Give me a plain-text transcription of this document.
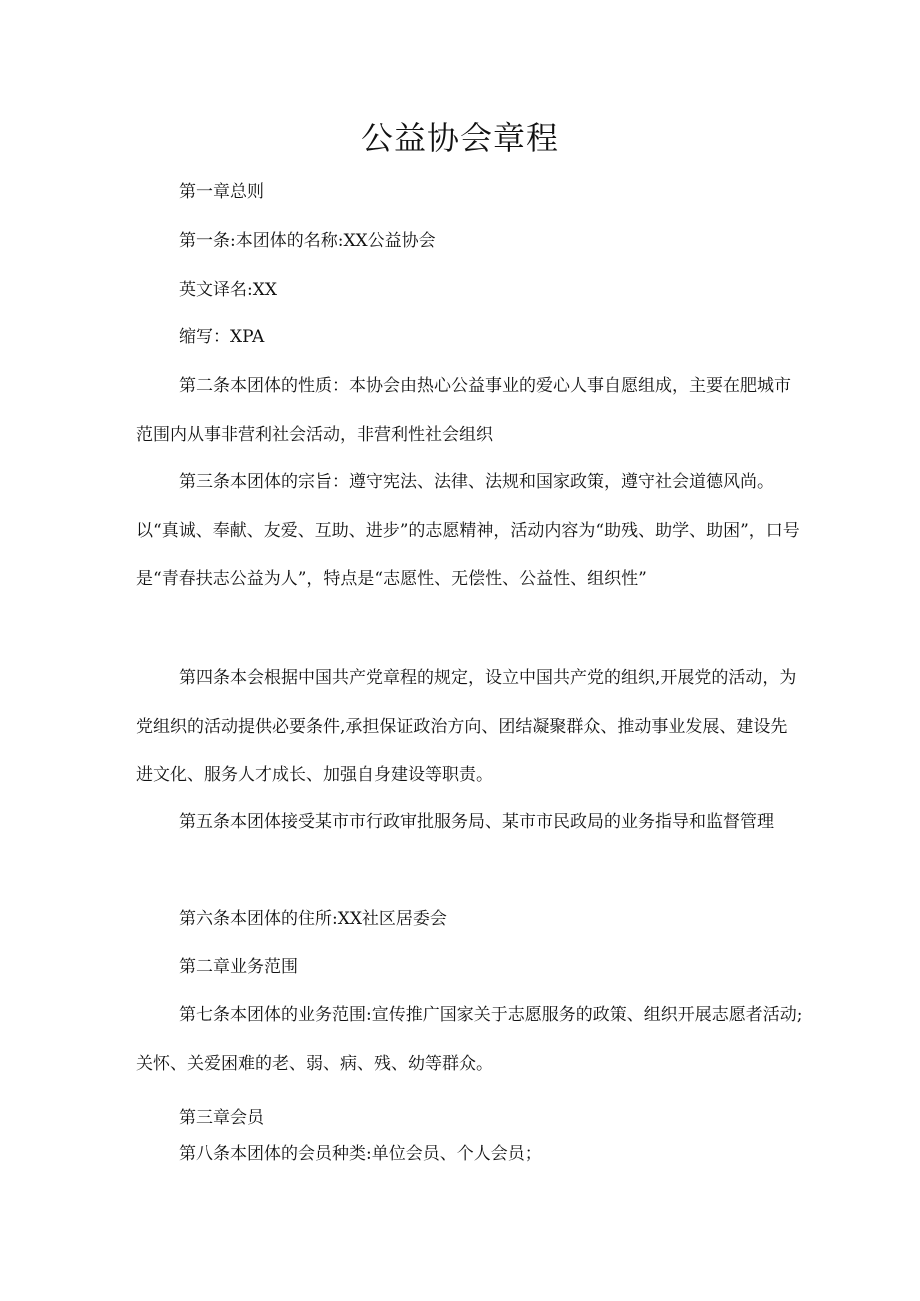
公益协会章程

第一章总则

第一条:本团体的名称:XX公益协会

英文译名:XX

缩写：XPA

第二条本团体的性质：本协会由热心公益事业的爱心人事自愿组成，主要在肥城市范围内从事非营利社会活动，非营利性社会组织

第三条本团体的宗旨：遵守宪法、法律、法规和国家政策，遵守社会道德风尚。以“真诚、奉献、友爱、互助、进步”的志愿精神，活动内容为“助残、助学、助困”，口号是“青春扶志公益为人”，特点是“志愿性、无偿性、公益性、组织性”

第四条本会根据中国共产党章程的规定，设立中国共产党的组织,开展党的活动，为党组织的活动提供必要条件,承担保证政治方向、团结凝聚群众、推动事业发展、建设先进文化、服务人才成长、加强自身建设等职责。

第五条本团体接受某市市行政审批服务局、某市市民政局的业务指导和监督管理

第六条本团体的住所:XX社区居委会

第二章业务范围

第七条本团体的业务范围:宣传推广国家关于志愿服务的政策、组织开展志愿者活动;关怀、关爱困难的老、弱、病、残、幼等群众。

第三章会员

第八条本团体的会员种类:单位会员、个人会员；
